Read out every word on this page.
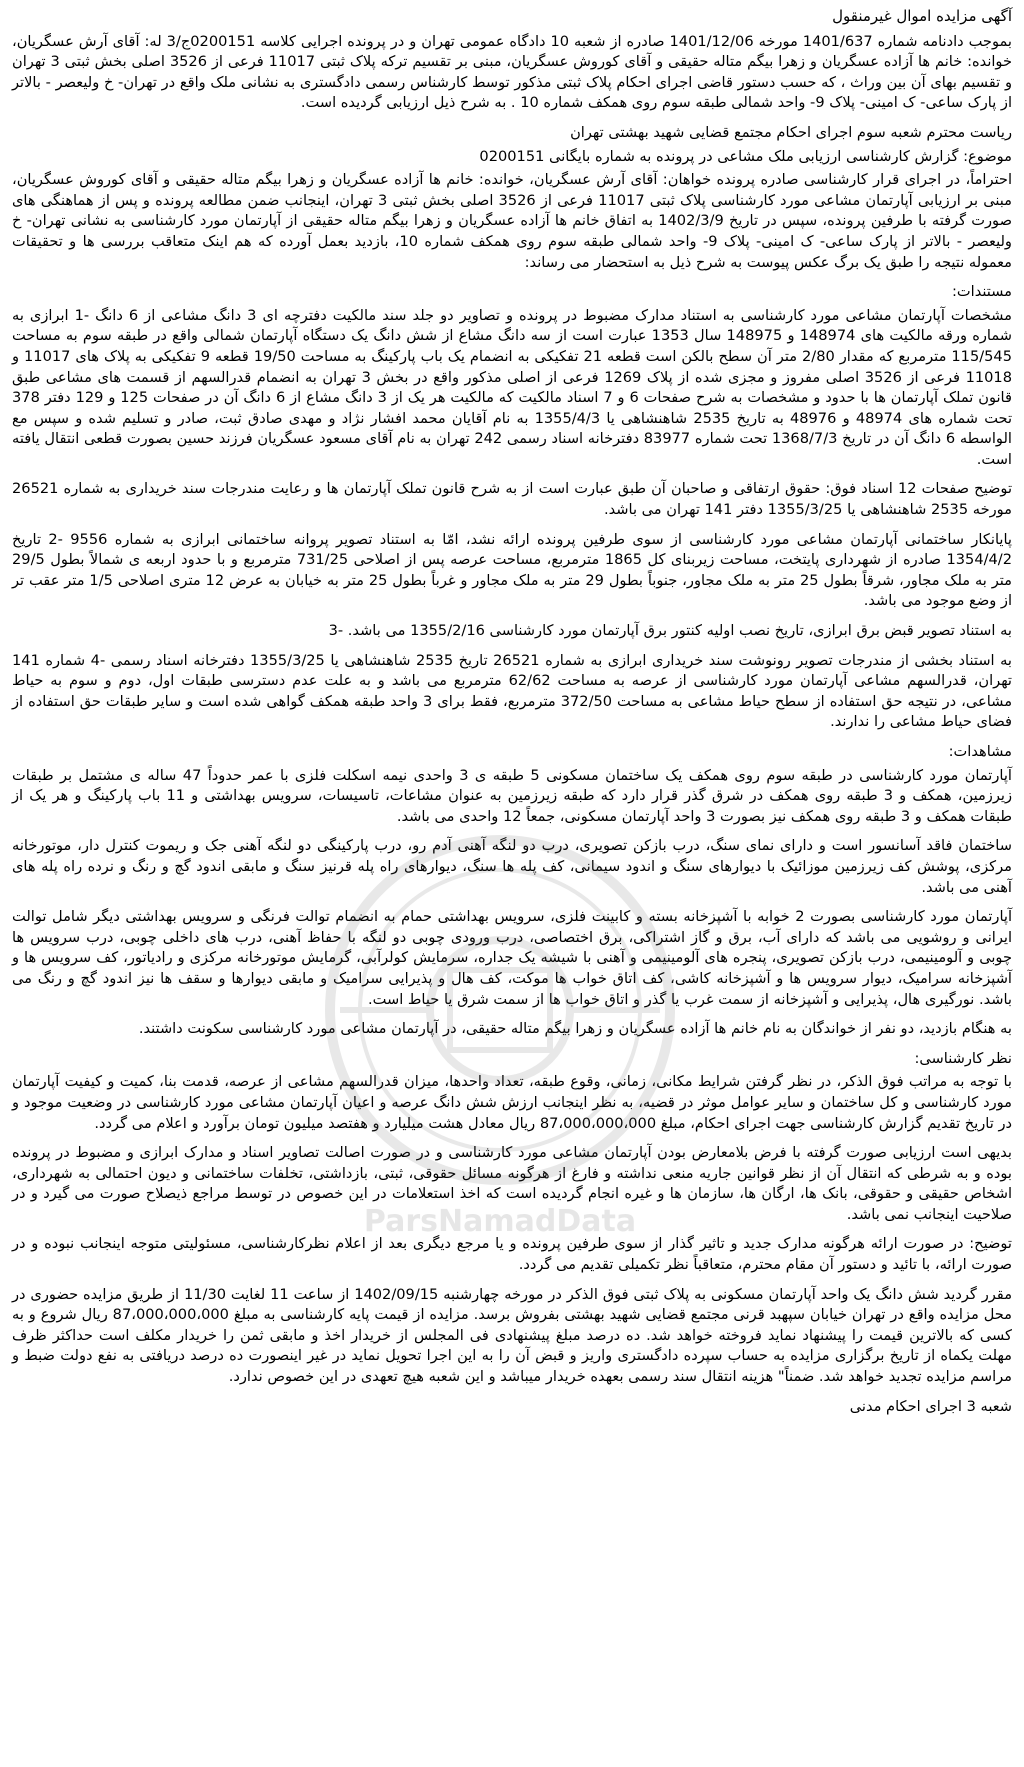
ParsNamadData
آگهی مزایده اموال غیرمنقول
بموجب دادنامه شماره 1401/637 مورخه 1401/12/06 صادره از شعبه 10 دادگاه عمومی تهران و در پرونده اجرایی کلاسه 0200151ج/3 له: آقای آرش عسگریان، خوانده: خانم ها آزاده عسگریان و زهرا بیگم متاله حقیقی و آقای کوروش عسگریان، مبنی بر تقسیم ترکه پلاک ثبتی 11017 فرعی از 3526 اصلی بخش ثبتی 3 تهران و تقسیم بهای آن بین وراث ، که حسب دستور قاضی اجرای احکام پلاک ثبتی مذکور توسط کارشناس رسمی دادگستری به نشانی ملک واقع در تهران- خ ولیعصر - بالاتر از پارک ساعی- ک امینی- پلاک 9- واحد شمالی طبقه سوم روی همکف شماره 10 . به شرح ذیل ارزیابی گردیده است.
ریاست محترم شعبه سوم اجرای احکام مجتمع قضایی شهید بهشتی تهران
موضوع: گزارش کارشناسی ارزیابی ملک مشاعی در پرونده به شماره بایگانی 0200151
احتراماً، در اجرای قرار کارشناسی صادره پرونده خواهان: آقای آرش عسگریان، خوانده: خانم ها آزاده عسگریان و زهرا بیگم متاله حقیقی و آقای کوروش عسگریان، مبنی بر ارزیابی آپارتمان مشاعی مورد کارشناسی پلاک ثبتی 11017 فرعی از 3526 اصلی بخش ثبتی 3 تهران، اینجانب ضمن مطالعه پرونده و پس از هماهنگی های صورت گرفته با طرفین پرونده، سپس در تاریخ 1402/3/9 به اتفاق خانم ها آزاده عسگریان و زهرا بیگم متاله حقیقی از آپارتمان مورد کارشناسی به نشانی تهران- خ ولیعصر - بالاتر از پارک ساعی- ک امینی- پلاک 9- واحد شمالی طبقه سوم روی همکف شماره 10، بازدید بعمل آورده که هم اینک متعاقب بررسی ها و تحقیقات معموله نتیجه را طبق یک برگ عکس پیوست به شرح ذیل به استحضار می رساند:
مستندات:
مشخصات آپارتمان مشاعی مورد کارشناسی به استناد مدارک مضبوط در پرونده و تصاویر دو جلد سند مالکیت دفترچه ای 3 دانگ مشاعی از 6 دانگ -1 ابرازی به شماره ورقه مالکیت های 148974 و 148975 سال 1353 عبارت است از سه دانگ مشاع از شش دانگ یک دستگاه آپارتمان شمالی واقع در طبقه سوم به مساحت 115/545 مترمربع که مقدار 2/80 متر آن سطح بالکن است قطعه 21 تفکیکی به انضمام یک باب پارکینگ به مساحت 19/50 قطعه 9 تفکیکی به پلاک های 11017 و 11018 فرعی از 3526 اصلی مفروز و مجزی شده از پلاک 1269 فرعی از اصلی مذکور واقع در بخش 3 تهران به انضمام قدرالسهم از قسمت های مشاعی طبق قانون تملک آپارتمان ها با حدود و مشخصات به شرح صفحات 6 و 7 اسناد مالکیت که مالکیت هر یک از 3 دانگ مشاع از 6 دانگ آن در صفحات 125 و 129 دفتر 378 تحت شماره های 48974 و 48976 به تاریخ 2535 شاهنشاهی یا 1355/4/3 به نام آقایان محمد افشار نژاد و مهدی صادق ثبت، صادر و تسلیم شده و سپس مع الواسطه 6 دانگ آن در تاریخ 1368/7/3 تحت شماره 83977 دفترخانه اسناد رسمی 242 تهران به نام آقای مسعود عسگریان فرزند حسین بصورت قطعی انتقال یافته است.
توضیح صفحات 12 اسناد فوق: حقوق ارتفاقی و صاحبان آن طبق عبارت است از به شرح قانون تملک آپارتمان ها و رعایت مندرجات سند خریداری به شماره 26521 مورخه 2535 شاهنشاهی یا 1355/3/25 دفتر 141 تهران می باشد.
پایانکار ساختمانی آپارتمان مشاعی مورد کارشناسی از سوی طرفین پرونده ارائه نشد، امّا به استناد تصویر پروانه ساختمانی ابرازی به شماره 9556 -2 تاریخ 1354/4/2 صادره از شهرداری پایتخت، مساحت زیربنای کل 1865 مترمربع، مساحت عرصه پس از اصلاحی 731/25 مترمربع و با حدود اربعه ی شمالاً بطول 29/5 متر به ملک مجاور، شرقاً بطول 25 متر به ملک مجاور، جنوباً بطول 29 متر به ملک مجاور و غرباً بطول 25 متر به خیابان به عرض 12 متری اصلاحی 1/5 متر عقب تر از وضع موجود می باشد.
به استناد تصویر قبض برق ابرازی، تاریخ نصب اولیه کنتور برق آپارتمان مورد کارشناسی 1355/2/16 می باشد. -3
به استناد بخشی از مندرجات تصویر رونوشت سند خریداری ابرازی به شماره 26521 تاریخ 2535 شاهنشاهی یا 1355/3/25 دفترخانه اسناد رسمی -4 شماره 141 تهران، قدرالسهم مشاعی آپارتمان مورد کارشناسی از عرصه به مساحت 62/62 مترمربع می باشد و به علت عدم دسترسی طبقات اول، دوم و سوم به حیاط مشاعی، در نتیجه حق استفاده از سطح حیاط مشاعی به مساحت 372/50 مترمربع، فقط برای 3 واحد طبقه همکف گواهی شده است و سایر طبقات حق استفاده از فضای حیاط مشاعی را ندارند.
مشاهدات:
آپارتمان مورد کارشناسی در طبقه سوم روی همکف یک ساختمان مسکونی 5 طبقه ی 3 واحدی نیمه اسکلت فلزی با عمر حدوداً 47 ساله ی مشتمل بر طبقات زیرزمین، همکف و 3 طبقه روی همکف در شرق گذر قرار دارد که طبقه زیرزمین به عنوان مشاعات، تاسیسات، سرویس بهداشتی و 11 باب پارکینگ و هر یک از طبقات همکف و 3 طبقه روی همکف نیز بصورت 3 واحد آپارتمان مسکونی، جمعاً 12 واحدی می باشد.
ساختمان فاقد آسانسور است و دارای نمای سنگ، درب بازکن تصویری، درب دو لنگه آهنی آدم رو، درب پارکینگی دو لنگه آهنی جک و ریموت کنترل دار، موتورخانه مرکزی، پوشش کف زیرزمین موزائیک با دیوارهای سنگ و اندود سیمانی، کف پله ها سنگ، دیوارهای راه پله قرنیز سنگ و مابقی اندود گچ و رنگ و نرده راه پله های آهنی می باشد.
آپارتمان مورد کارشناسی بصورت 2 خوابه با آشپزخانه بسته و کابینت فلزی، سرویس بهداشتی حمام به انضمام توالت فرنگی و سرویس بهداشتی دیگر شامل توالت ایرانی و روشویی می باشد که دارای آب، برق و گاز اشتراکی، برق اختصاصی، درب ورودی چوبی دو لنگه با حفاظ آهنی، درب های داخلی چوبی، درب سرویس ها چوبی و آلومینیمی، درب بازکن تصویری، پنجره های آلومینیمی و آهنی با شیشه یک جداره، سرمایش کولرآبی، گرمایش موتورخانه مرکزی و رادیاتور، کف سرویس ها و آشپزخانه سرامیک، دیوار سرویس ها و آشپزخانه کاشی، کف اتاق خواب ها موکت، کف هال و پذیرایی سرامیک و مابقی دیوارها و سقف ها نیز اندود گچ و رنگ می باشد. نورگیری هال، پذیرایی و آشپزخانه از سمت غرب یا گذر و اتاق خواب ها از سمت شرق یا حیاط است.
به هنگام بازدید، دو نفر از خواندگان به نام خانم ها آزاده عسگریان و زهرا بیگم متاله حقیقی، در آپارتمان مشاعی مورد کارشناسی سکونت داشتند.
نظر کارشناسی:
با توجه به مراتب فوق الذکر، در نظر گرفتن شرایط مکانی، زمانی، وقوع طبقه، تعداد واحدها، میزان قدرالسهم مشاعی از عرصه، قدمت بنا، کمیت و کیفیت آپارتمان مورد کارشناسی و کل ساختمان و سایر عوامل موثر در قضیه، به نظر اینجانب ارزش شش دانگ عرصه و اعیان آپارتمان مشاعی مورد کارشناسی در وضعیت موجود و در تاریخ تقدیم گزارش کارشناسی جهت اجرای احکام، مبلغ 87،000،000،000 ریال معادل هشت میلیارد و هفتصد میلیون تومان برآورد و اعلام می گردد.
بدیهی است ارزیابی صورت گرفته با فرض بلامعارض بودن آپارتمان مشاعی مورد کارشناسی و در صورت اصالت تصاویر اسناد و مدارک ابرازی و مضبوط در پرونده بوده و به شرطی که انتقال آن از نظر قوانین جاریه منعی نداشته و فارغ از هرگونه مسائل حقوقی، ثبتی، بازداشتی، تخلفات ساختمانی و دیون احتمالی به شهرداری، اشخاص حقیقی و حقوقی، بانک ها، ارگان ها، سازمان ها و غیره انجام گردیده است که اخذ استعلامات در این خصوص در توسط مراجع ذیصلاح صورت می گیرد و در صلاحیت اینجانب نمی باشد.
توضیح: در صورت ارائه هرگونه مدارک جدید و تاثیر گذار از سوی طرفین پرونده و یا مرجع دیگری بعد از اعلام نظرکارشناسی، مسئولیتی متوجه اینجانب نبوده و در صورت ارائه، با تائید و دستور آن مقام محترم، متعاقباً نظر تکمیلی تقدیم می گردد.
مقرر گردید شش دانگ یک واحد آپارتمان مسکونی به پلاک ثبتی فوق الذکر در مورخه چهارشنبه 1402/09/15 از ساعت 11 لغایت 11/30 از طریق مزایده حضوری در محل مزایده واقع در تهران خیابان سپهبد قرنی مجتمع قضایی شهید بهشتی بفروش برسد. مزایده از قیمت پایه کارشناسی به مبلغ 87،000،000،000 ریال شروع و به کسی که بالاترین قیمت را پیشنهاد نماید فروخته خواهد شد. ده درصد مبلغ پیشنهادی فی المجلس از خریدار اخذ و مابقی ثمن را خریدار مکلف است حداکثر ظرف مهلت یکماه از تاریخ برگزاری مزایده به حساب سپرده دادگستری واریز و قبض آن را به این اجرا تحویل نماید در غیر اینصورت ده درصد دریافتی به نفع دولت ضبط و مراسم مزایده تجدید خواهد شد. ضمناً" هزینه انتقال سند رسمی بعهده خریدار میباشد و این شعبه هیچ تعهدی در این خصوص ندارد.
شعبه 3 اجرای احکام مدنی
